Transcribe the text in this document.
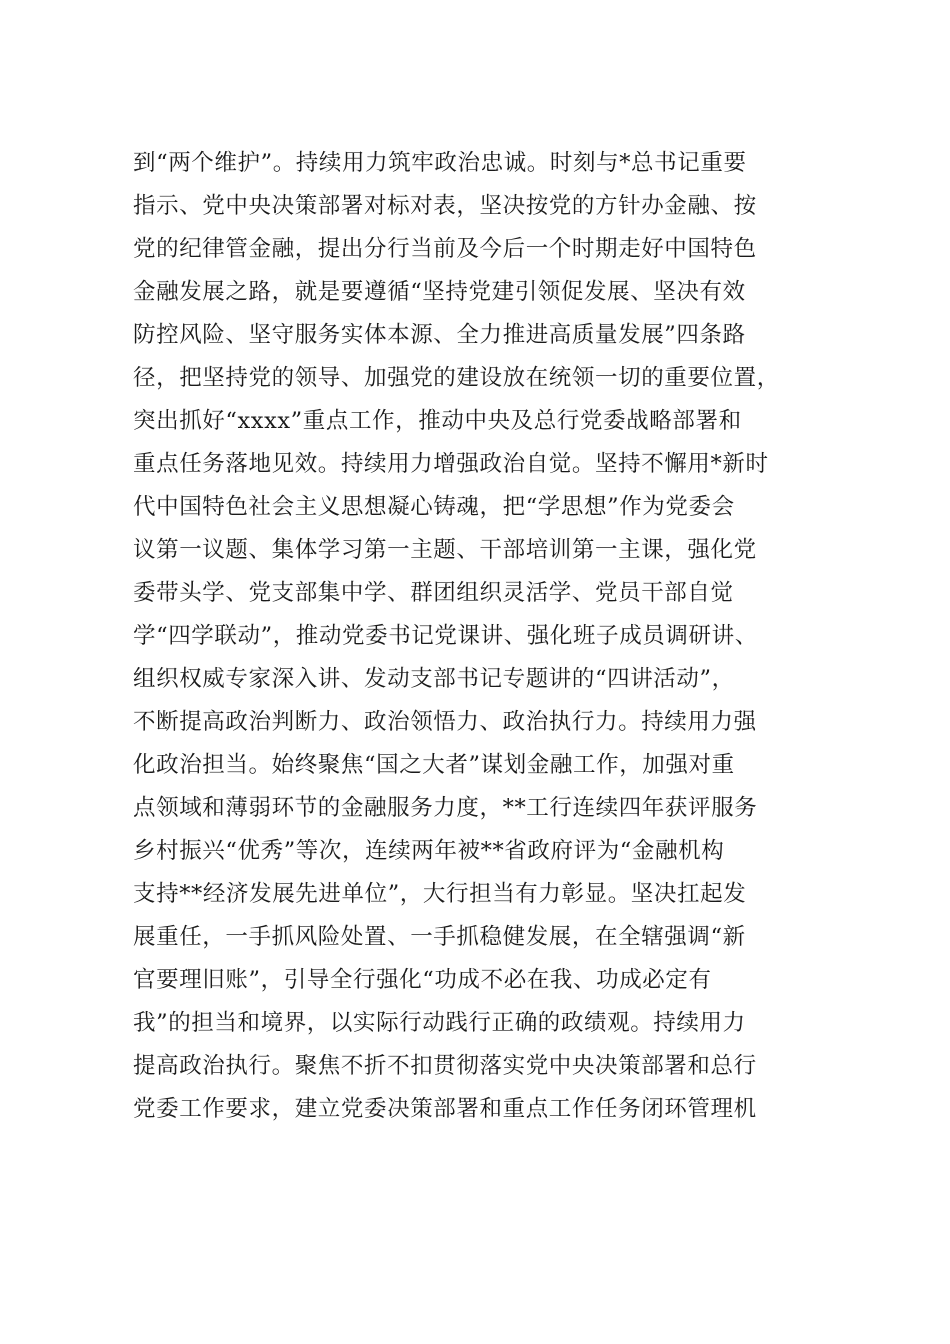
到“两个维护”。持续用力筑牢政治忠诚。时刻与*总书记重要
指示、党中央决策部署对标对表，坚决按党的方针办金融、按
党的纪律管金融，提出分行当前及今后一个时期走好中国特色
金融发展之路，就是要遵循“坚持党建引领促发展、坚决有效
防控风险、坚守服务实体本源、全力推进高质量发展”四条路
径，把坚持党的领导、加强党的建设放在统领一切的重要位置，
突出抓好“xxxx”重点工作，推动中央及总行党委战略部署和
重点任务落地见效。持续用力增强政治自觉。坚持不懈用*新时
代中国特色社会主义思想凝心铸魂，把“学思想”作为党委会
议第一议题、集体学习第一主题、干部培训第一主课，强化党
委带头学、党支部集中学、群团组织灵活学、党员干部自觉
学“四学联动”，推动党委书记党课讲、强化班子成员调研讲、
组织权威专家深入讲、发动支部书记专题讲的“四讲活动”，
不断提高政治判断力、政治领悟力、政治执行力。持续用力强
化政治担当。始终聚焦“国之大者”谋划金融工作，加强对重
点领域和薄弱环节的金融服务力度，**工行连续四年获评服务
乡村振兴“优秀”等次，连续两年被**省政府评为“金融机构
支持**经济发展先进单位”，大行担当有力彰显。坚决扛起发
展重任，一手抓风险处置、一手抓稳健发展，在全辖强调“新
官要理旧账”，引导全行强化“功成不必在我、功成必定有
我”的担当和境界，以实际行动践行正确的政绩观。持续用力
提高政治执行。聚焦不折不扣贯彻落实党中央决策部署和总行
党委工作要求，建立党委决策部署和重点工作任务闭环管理机
